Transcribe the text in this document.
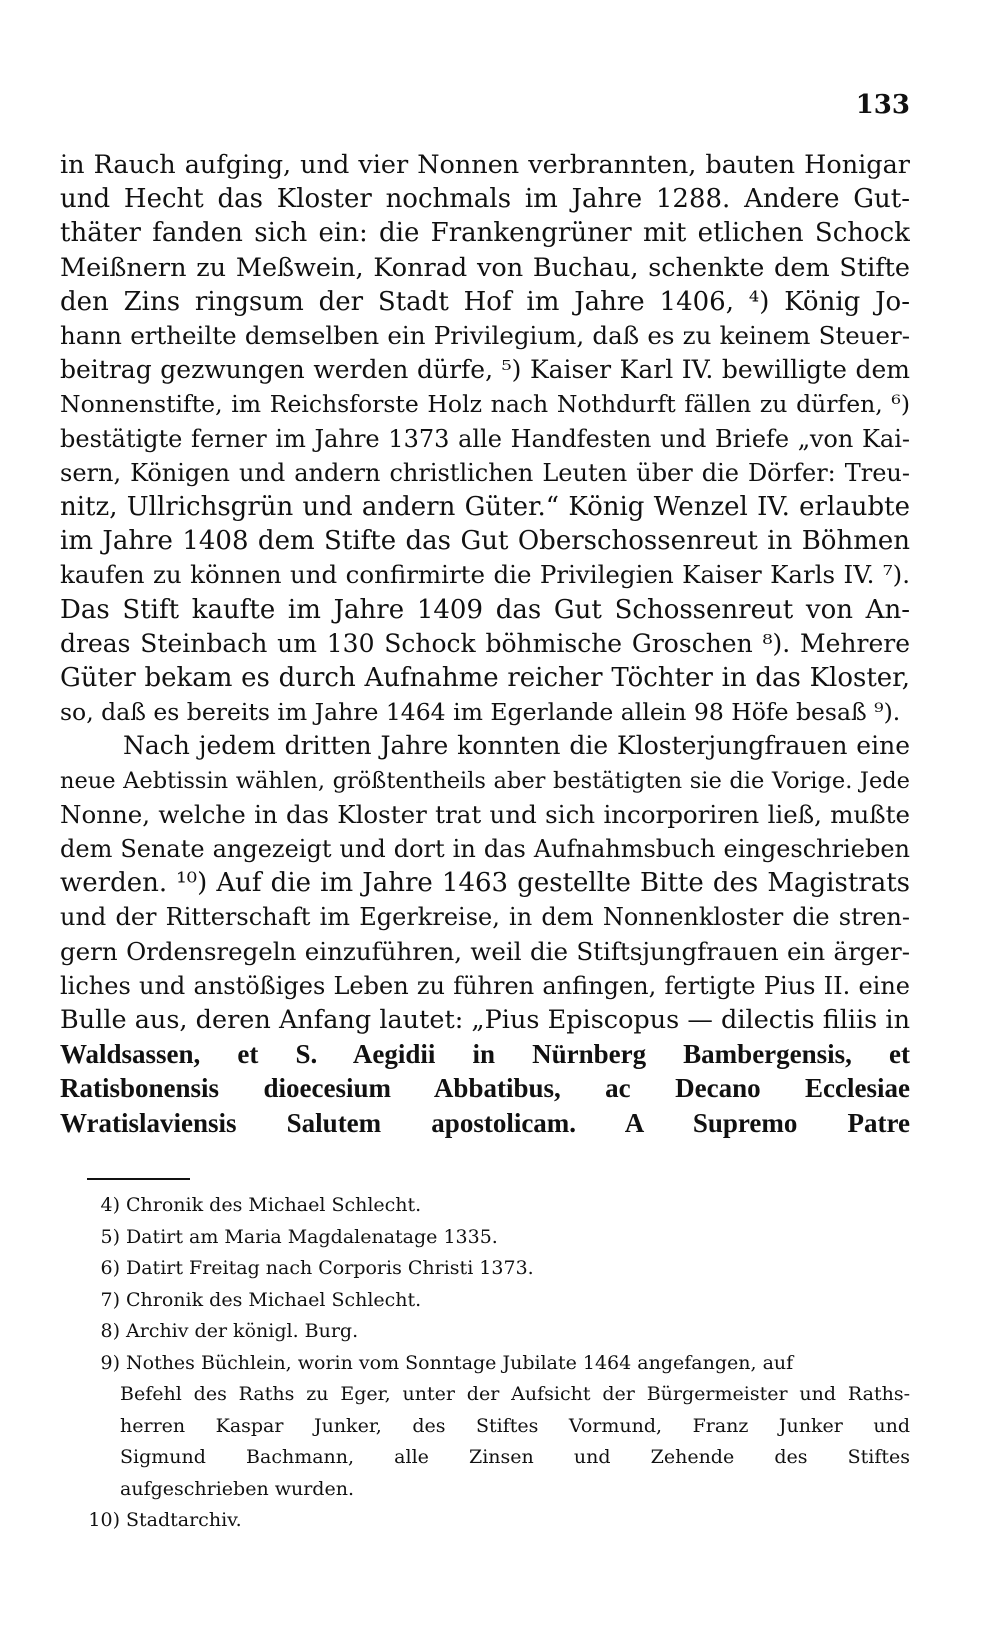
133
in Rauch aufging, und vier Nonnen verbrannten, bauten Honigar
und Hecht das Kloster nochmals im Jahre 1288. Andere Gut-
thäter fanden sich ein: die Frankengrüner mit etlichen Schock
Meißnern zu Meßwein, Konrad von Buchau, schenkte dem Stifte
den Zins ringsum der Stadt Hof im Jahre 1406, ⁴) König Jo-
hann ertheilte demselben ein Privilegium, daß es zu keinem Steuer-
beitrag gezwungen werden dürfe, ⁵) Kaiser Karl IV. bewilligte dem
Nonnenstifte, im Reichsforste Holz nach Nothdurft fällen zu dürfen, ⁶)
bestätigte ferner im Jahre 1373 alle Handfesten und Briefe „von Kai-
sern, Königen und andern christlichen Leuten über die Dörfer: Treu-
nitz, Ullrichsgrün und andern Güter.“ König Wenzel IV. erlaubte
im Jahre 1408 dem Stifte das Gut Oberschossenreut in Böhmen
kaufen zu können und confirmirte die Privilegien Kaiser Karls IV. ⁷).
Das Stift kaufte im Jahre 1409 das Gut Schossenreut von An-
dreas Steinbach um 130 Schock böhmische Groschen ⁸). Mehrere
Güter bekam es durch Aufnahme reicher Töchter in das Kloster,
so, daß es bereits im Jahre 1464 im Egerlande allein 98 Höfe besaß ⁹).
Nach jedem dritten Jahre konnten die Klosterjungfrauen eine
neue Aebtissin wählen, größtentheils aber bestätigten sie die Vorige. Jede
Nonne, welche in das Kloster trat und sich incorporiren ließ, mußte
dem Senate angezeigt und dort in das Aufnahmsbuch eingeschrieben
werden. ¹⁰) Auf die im Jahre 1463 gestellte Bitte des Magistrats
und der Ritterschaft im Egerkreise, in dem Nonnenkloster die stren-
gern Ordensregeln einzuführen, weil die Stiftsjungfrauen ein ärger-
liches und anstößiges Leben zu führen anfingen, fertigte Pius II. eine
Bulle aus, deren Anfang lautet: „Pius Episcopus — dilectis filiis in
Waldsassen, et S. Aegidii in Nürnberg Bambergensis, et
Ratisbonensis dioecesium Abbatibus, ac Decano Ecclesiae
Wratislaviensis Salutem apostolicam. A Supremo Patre
4) Chronik des Michael Schlecht.
5) Datirt am Maria Magdalenatage 1335.
6) Datirt Freitag nach Corporis Christi 1373.
7) Chronik des Michael Schlecht.
8) Archiv der königl. Burg.
9) Nothes Büchlein, worin vom Sonntage Jubilate 1464 angefangen, auf
Befehl des Raths zu Eger, unter der Aufsicht der Bürgermeister und Raths-
herren Kaspar Junker, des Stiftes Vormund, Franz Junker und
Sigmund Bachmann, alle Zinsen und Zehende des Stiftes
aufgeschrieben wurden.
10) Stadtarchiv.
